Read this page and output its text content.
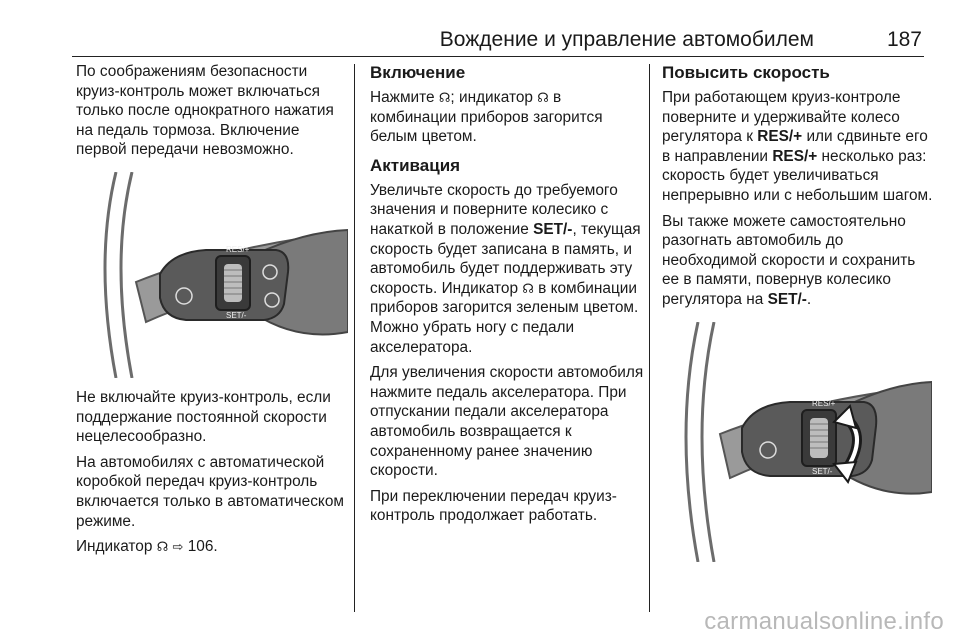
Вождение и управление автомобилем	187

По соображениям безопасности круиз-контроль может включаться только после однократного нажатия на педаль тормоза. Включение первой передачи невозможно.

RES/+
SET/-

Не включайте круиз-контроль, если поддержание постоянной скорости нецелесообразно.

На автомобилях с автоматической коробкой передач круиз-контроль включается только в автоматическом режиме.

Индикатор ☊ ⇨ 106.

Включение

Нажмите ☊; индикатор ☊ в комбинации приборов загорится белым цветом.

Активация

Увеличьте скорость до требуемого значения и поверните колесико с накаткой в положение SET/-, текущая скорость будет записана в память, и автомобиль будет поддерживать эту скорость. Индикатор ☊ в комбинации приборов загорится зеленым цветом. Можно убрать ногу с педали акселератора.

Для увеличения скорости автомобиля нажмите педаль акселератора. При отпускании педали акселератора автомобиль возвращается к сохраненному ранее значению скорости.

При переключении передач круиз-контроль продолжает работать.

Повысить скорость

При работающем круиз-контроле поверните и удерживайте колесо регулятора к RES/+ или сдвиньте его в направлении RES/+ несколько раз: скорость будет увеличиваться непрерывно или с небольшим шагом.

Вы также можете самостоятельно разогнать автомобиль до необходимой скорости и сохранить ее в памяти, повернув колесико регулятора на SET/-.

RES/+
SET/-
carmanualsonline.info
